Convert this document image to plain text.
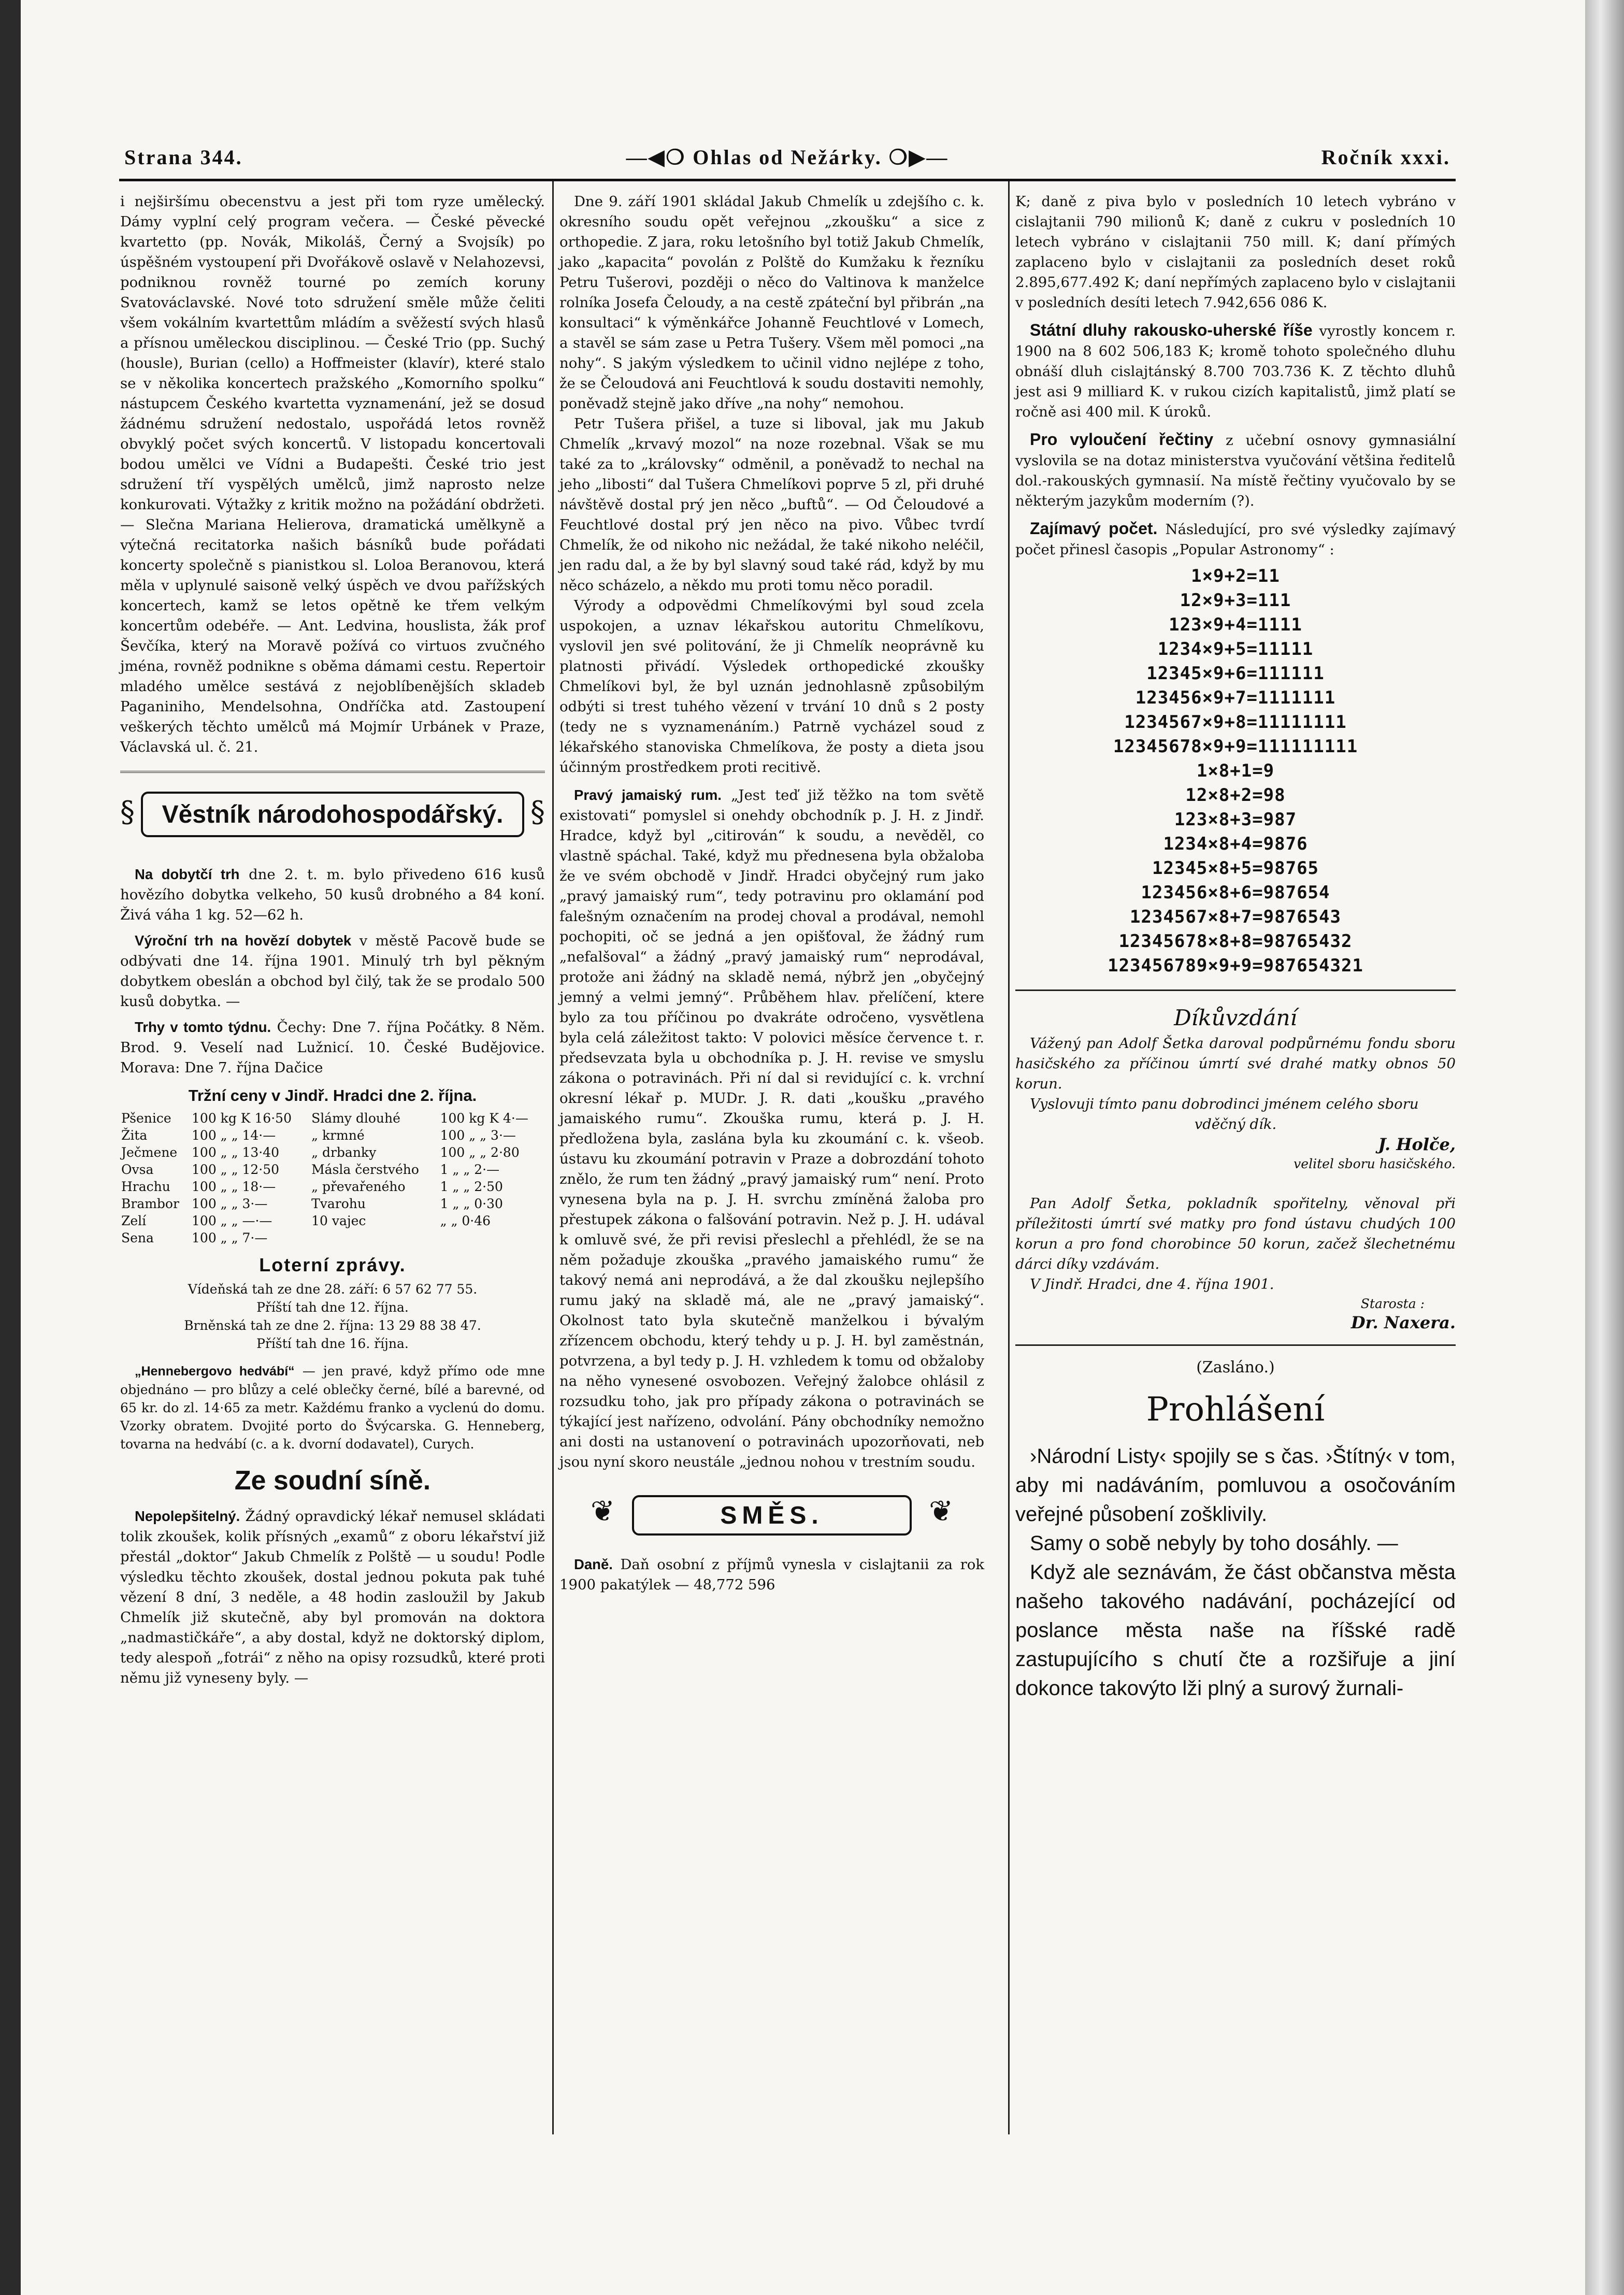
Strana 344.	—◀❍ Ohlas od Nežárky. ❍▶—	Ročník xxxi.

i nejširšímu obecenstvu a jest při tom ryze umělecký. Dámy vyplní celý program večera. — České pěvecké kvartetto (pp. Novák, Mikoláš, Černý a Svojsík) po úspěšném vystoupení při Dvořákově oslavě v Nelahozevsi, podniknou rovněž tourné po zemích koruny Svatováclavské. Nové toto sdružení směle může čeliti všem vokálním kvartettům mládím a svěžestí svých hlasů a přísnou uměleckou disciplinou. — České Trio (pp. Suchý (housle), Burian (cello) a Hoffmeister (klavír), které stalo se v několika koncertech pražského „Komorního spolku“ nástupcem Českého kvartetta vyznamenání, jež se dosud žádnému sdružení nedostalo, uspořádá letos rovněž obvyklý počet svých koncertů. V listopadu koncertovali bodou umělci ve Vídni a Budapešti. České trio jest sdružení tří vyspělých umělců, jimž naprosto nelze konkurovati. Výtažky z kritik možno na požádání obdržeti. — Slečna Mariana Helierova, dramatická umělkyně a výtečná recitatorka našich básníků bude pořádati koncerty společně s pianistkou sl. Loloa Beranovou, která měla v uplynulé saisoně velký úspěch ve dvou pařížských koncertech, kamž se letos opětně ke třem velkým koncertům odebéře. — Ant. Ledvina, houslista, žák prof Ševčíka, který na Moravě požívá co virtuos zvučného jména, rovněž podnikne s oběma dámami cestu. Repertoir mladého umělce sestává z nejoblíbenějších skladeb Paganiniho, Mendelsohna, Ondříčka atd. Zastoupení veškerých těchto umělců má Mojmír Urbánek v Praze, Václavská ul. č. 21.

§	Věstník národohospodářský. §

Na dobytčí trh dne 2. t. m. bylo přivedeno 616 kusů hovězího dobytka velkeho, 50 kusů drobného a 84 koní. Živá váha 1 kg. 52—62 h.

Výroční trh na hovězí dobytek v městě Pacově bude se odbývati dne 14. října 1901. Minulý trh byl pěkným dobytkem obeslán a obchod byl čilý, tak že se prodalo 500 kusů dobytka. —

Trhy v tomto týdnu. Čechy: Dne 7. října Počátky. 8 Něm. Brod. 9. Veselí nad Lužnicí. 10. České Budějovice. Morava: Dne 7. října Dačice

Tržní ceny v Jindř. Hradci dne 2. října.
Pšenice	100 kg K 16·50	Slámy dlouhé	100 kg K 4·—
Žita	100 „ „ 14·—	„ krmné	100 „ „ 3·—
Ječmene	100 „ „ 13·40	„ drbanky	100 „ „ 2·80
Ovsa	100 „ „ 12·50	Másla čerstvého	1 „ „ 2·—
Hrachu	100 „ „ 18·—	„ převařeného	1 „ „ 2·50
Brambor	100 „ „ 3·—	Tvarohu	1 „ „ 0·30
Zelí	100 „ „ —·—	10 vajec	„ „ 0·46
Sena	100 „ „ 7·—		
Loterní zprávy.
Vídeňská tah ze dne 28. září: 6 57 62 77 55.
Příští tah dne 12. října.
Brněnská tah ze dne 2. října: 13 29 88 38 47.
Příští tah dne 16. října.

„Hennebergovo hedvábí“ — jen pravé, když přímo ode mne objednáno — pro blůzy a celé oblečky černé, bílé a barevné, od 65 kr. do zl. 14·65 za metr. Každému franko a vyclenú do domu. Vzorky obratem. Dvojité porto do Švýcarska. G. Henneberg, tovarna na hedvábí (c. a k. dvorní dodavatel), Curych.

Ze soudní síně.

Nepolepšitelný. Žádný opravdický lékař nemusel skládati tolik zkoušek, kolik přísných „examů“ z oboru lékařství již přestál „doktor“ Jakub Chmelík z Polště — u soudu! Podle výsledku těchto zkoušek, dostal jednou pokuta pak tuhé vězení 8 dní, 3 neděle, a 48 hodin zasloužil by Jakub Chmelík již skutečně, aby byl promován na doktora „nadmastičkáře“, a aby dostal, když ne doktorský diplom, tedy alespoň „fotrái“ z něho na opisy rozsudků, které proti němu již vyneseny byly. —

Dne 9. září 1901 skládal Jakub Chmelík u zdejšího c. k. okresního soudu opět veřejnou „zkoušku“ a sice z orthopedie. Z jara, roku letošního byl totiž Jakub Chmelík, jako „kapacita“ povolán z Polště do Kumžaku k řezníku Petru Tušerovi, později o něco do Valtinova k manželce rolníka Josefa Čeloudy, a na cestě zpáteční byl přibrán „na konsultaci“ k výměnkářce Johanně Feuchtlové v Lomech, a stavěl se sám zase u Petra Tušery. Všem měl pomoci „na nohy“. S jakým výsledkem to učinil vidno nejlépe z toho, že se Čeloudová ani Feuchtlová k soudu dostaviti nemohly, poněvadž stejně jako dříve „na nohy“ nemohou.

Petr Tušera přišel, a tuze si liboval, jak mu Jakub Chmelík „krvavý mozol“ na noze rozebnal. Však se mu také za to „královsky“ odměnil, a poněvadž to nechal na jeho „libosti“ dal Tušera Chmelíkovi poprve 5 zl, při druhé návštěvě dostal prý jen něco „buftů“. — Od Čeloudové a Feuchtlové dostal prý jen něco na pivo. Vůbec tvrdí Chmelík, že od nikoho nic nežádal, že také nikoho neléčil, jen radu dal, a že by byl slavný soud také rád, když by mu něco scházelo, a někdo mu proti tomu něco poradil.

Výrody a odpovědmi Chmelíkovými byl soud zcela uspokojen, a uznav lékařskou autoritu Chmelíkovu, vyslovil jen své politování, že ji Chmelík neoprávně ku platnosti přivádí. Výsledek orthopedické zkoušky Chmelíkovi byl, že byl uznán jednohlasně způsobilým odbýti si trest tuhého vězení v trvání 10 dnů s 2 posty (tedy ne s vyznamenáním.) Patrně vycházel soud z lékařského stanoviska Chmelíkova, že posty a dieta jsou účinným prostředkem proti recitivě.

Pravý jamaiský rum. „Jest teď již těžko na tom světě existovati“ pomyslel si onehdy obchodník p. J. H. z Jindř. Hradce, když byl „citirován“ k soudu, a nevěděl, co vlastně spáchal. Také, když mu přednesena byla obžaloba že ve svém obchodě v Jindř. Hradci obyčejný rum jako „pravý jamaiský rum“, tedy potravinu pro oklamání pod falešným označením na prodej choval a prodával, nemohl pochopiti, oč se jedná a jen opišťoval, že žádný rum „nefalšoval“ a žádný „pravý jamaiský rum“ neprodával, protože ani žádný na skladě nemá, nýbrž jen „obyčejný jemný a velmi jemný“. Průběhem hlav. přelíčení, ktere bylo za tou příčinou po dvakráte odročeno, vysvětlena byla celá záležitost takto: V polovici měsíce července t. r. předsevzata byla u obchodníka p. J. H. revise ve smyslu zákona o potravinách. Při ní dal si revidující c. k. vrchní okresní lékař p. MUDr. J. R. dati „koušku „pravého jamaiského rumu“. Zkouška rumu, která p. J. H. předložena byla, zaslána byla ku zkoumání c. k. všeob. ústavu ku zkoumání potravin v Praze a dobrozdání tohoto znělo, že rum ten žádný „pravý jamaiský rum“ není. Proto vynesena byla na p. J. H. svrchu zmíněná žaloba pro přestupek zákona o falšování potravin. Než p. J. H. udával k omluvě své, že při revisi přeslechl a přehlédl, že se na něm požaduje zkouška „pravého jamaiského rumu“ že takový nemá ani neprodává, a že dal zkoušku nejlepšího rumu jaký na skladě má, ale ne „pravý jamaiský“. Okolnost tato byla skutečně manželkou i bývalým zřízencem obchodu, který tehdy u p. J. H. byl zaměstnán, potvrzena, a byl tedy p. J. H. vzhledem k tomu od obžaloby na něho vynesené osvobozen. Veřejný žalobce ohlásil z rozsudku toho, jak pro případy zákona o potravinách se týkající jest nařízeno, odvolání. Pány obchodníky nemožno ani dosti na ustanovení o potravinách upozorňovati, neb jsou nyní skoro neustále „jednou nohou v trestním soudu.

SMĚS.
❦	❦

Daně. Daň osobní z příjmů vynesla v cislajtanii za rok 1900 pakatýlek — 48,772 596

K; daně z piva bylo v posledních 10 letech vybráno v cislajtanii 790 milionů K; daně z cukru v posledních 10 letech vybráno v cislajtanii 750 mill. K; daní přímých zaplaceno bylo v cislajtanii za posledních deset roků 2.895,677.492 K; daní nepřímých zaplaceno bylo v cislajtanii v posledních desíti letech 7.942,656 086 K.

Státní dluhy rakousko-uherské říše vyrostly koncem r. 1900 na 8 602 506,183 K; kromě tohoto společného dluhu obnáší dluh cislajtánský 8.700 703.736 K. Z těchto dluhů jest asi 9 milliard K. v rukou cizích kapitalistů, jimž platí se ročně asi 400 mil. K úroků.

Pro vyloučení řečtiny z učební osnovy gymnasiální vyslovila se na dotaz ministerstva vyučování většina ředitelů dol.-rakouských gymnasií. Na místě řečtiny vyučovalo by se některým jazykům moderním (?).

Zajímavý počet. Následující, pro své výsledky zajímavý počet přinesl časopis „Popular Astronomy“ :

1×9+2=11
12×9+3=111
123×9+4=1111
1234×9+5=11111
12345×9+6=111111
123456×9+7=1111111
1234567×9+8=11111111
12345678×9+9=111111111
1×8+1=9
12×8+2=98
123×8+3=987
1234×8+4=9876
12345×8+5=98765
123456×8+6=987654
1234567×8+7=9876543
12345678×8+8=98765432
123456789×9+9=987654321
Díkůvzdání

Vážený pan Adolf Šetka daroval podpůrnému fondu sboru hasičského za příčinou úmrtí své drahé matky obnos 50 korun.

Vyslovuji tímto panu dobrodinci jménem celého sboru

vděčný dík.
J. Holče,
velitel sboru hasičského.

Pan Adolf Šetka, pokladník spořitelny, věnoval při příležitosti úmrtí své matky pro fond ústavu chudých 100 korun a pro fond chorobince 50 korun, začež šlechetnému dárci díky vzdávám.

V Jindř. Hradci, dne 4. října 1901.

Starosta :
Dr. Naxera.
(Zasláno.)
Prohlášení

›Národní Listy‹ spojily se s čas. ›Štítný‹ v tom, aby mi nadáváním, pomluvou a osočováním veřejné působení zoškliviIy.

Samy o sobě nebyly by toho dosáhly. —

Když ale seznávám, že část občanstva města našeho takového nadávání, pocházející od poslance města naše na říšské radě zastupujícího s chutí čte a rozšiřuje a jiní dokonce takovýto lži plný a surový žurnali-
